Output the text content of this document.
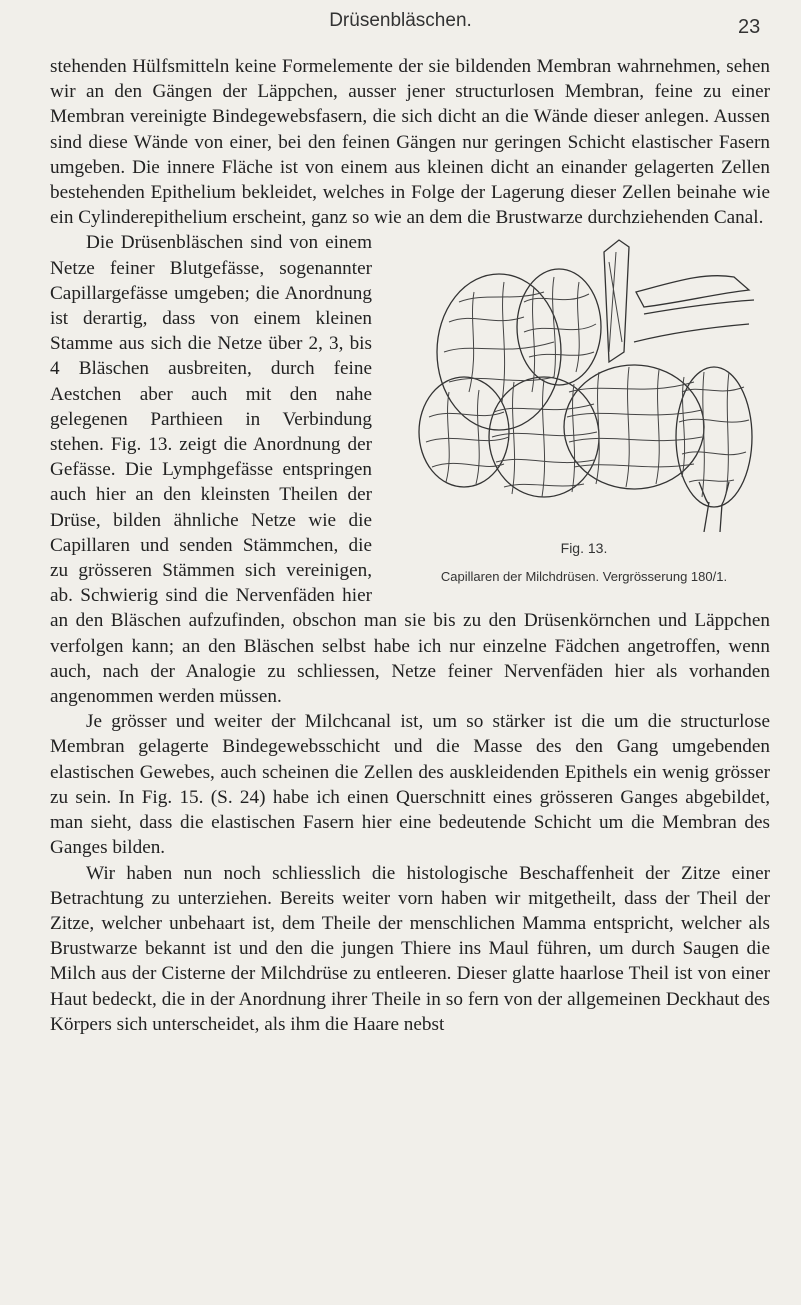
Drüsenbläschen.	23

stehenden Hülfsmitteln keine Formelemente der sie bildenden Membran wahrnehmen, sehen wir an den Gängen der Läppchen, ausser jener structurlosen Membran, feine zu einer Membran vereinigte Bindegewebsfasern, die sich dicht an die Wände dieser anlegen. Aussen sind diese Wände von einer, bei den feinen Gängen nur geringen Schicht elastischer Fasern umgeben. Die innere Fläche ist von einem aus kleinen dicht an einander gelagerten Zellen bestehenden Epithelium bekleidet, welches in Folge der Lagerung dieser Zellen beinahe wie ein Cylinderepithelium erscheint, ganz so wie an dem die Brustwarze durchziehenden Canal.

Fig. 13.
Capillaren der Milchdrüsen. Vergrösserung 180/1.

Die Drüsenbläschen sind von einem Netze feiner Blutgefässe, sogenannter Capillargefässe umgeben; die Anordnung ist derartig, dass von einem kleinen Stamme aus sich die Netze über 2, 3, bis 4 Bläschen ausbreiten, durch feine Aestchen aber auch mit den nahe gelegenen Parthieen in Verbindung stehen. Fig. 13. zeigt die Anordnung der Gefässe. Die Lymphgefässe entspringen auch hier an den kleinsten Theilen der Drüse, bilden ähnliche Netze wie die Capillaren und senden Stämmchen, die zu grösseren Stämmen sich vereinigen, ab. Schwierig sind die Nervenfäden hier an den Bläschen aufzufinden, obschon man sie bis zu den Drüsenkörnchen und Läppchen verfolgen kann; an den Bläschen selbst habe ich nur einzelne Fädchen angetroffen, wenn auch, nach der Analogie zu schliessen, Netze feiner Nervenfäden hier als vorhanden angenommen werden müssen.

Je grösser und weiter der Milchcanal ist, um so stärker ist die um die structurlose Membran gelagerte Bindegewebsschicht und die Masse des den Gang umgebenden elastischen Gewebes, auch scheinen die Zellen des auskleidenden Epithels ein wenig grösser zu sein. In Fig. 15. (S. 24) habe ich einen Querschnitt eines grösseren Ganges abgebildet, man sieht, dass die elastischen Fasern hier eine bedeutende Schicht um die Membran des Ganges bilden.

Wir haben nun noch schliesslich die histologische Beschaffenheit der Zitze einer Betrachtung zu unterziehen. Bereits weiter vorn haben wir mitgetheilt, dass der Theil der Zitze, welcher unbehaart ist, dem Theile der menschlichen Mamma entspricht, welcher als Brustwarze bekannt ist und den die jungen Thiere ins Maul führen, um durch Saugen die Milch aus der Cisterne der Milchdrüse zu entleeren. Dieser glatte haarlose Theil ist von einer Haut bedeckt, die in der Anordnung ihrer Theile in so fern von der allgemeinen Deckhaut des Körpers sich unterscheidet, als ihm die Haare nebst
